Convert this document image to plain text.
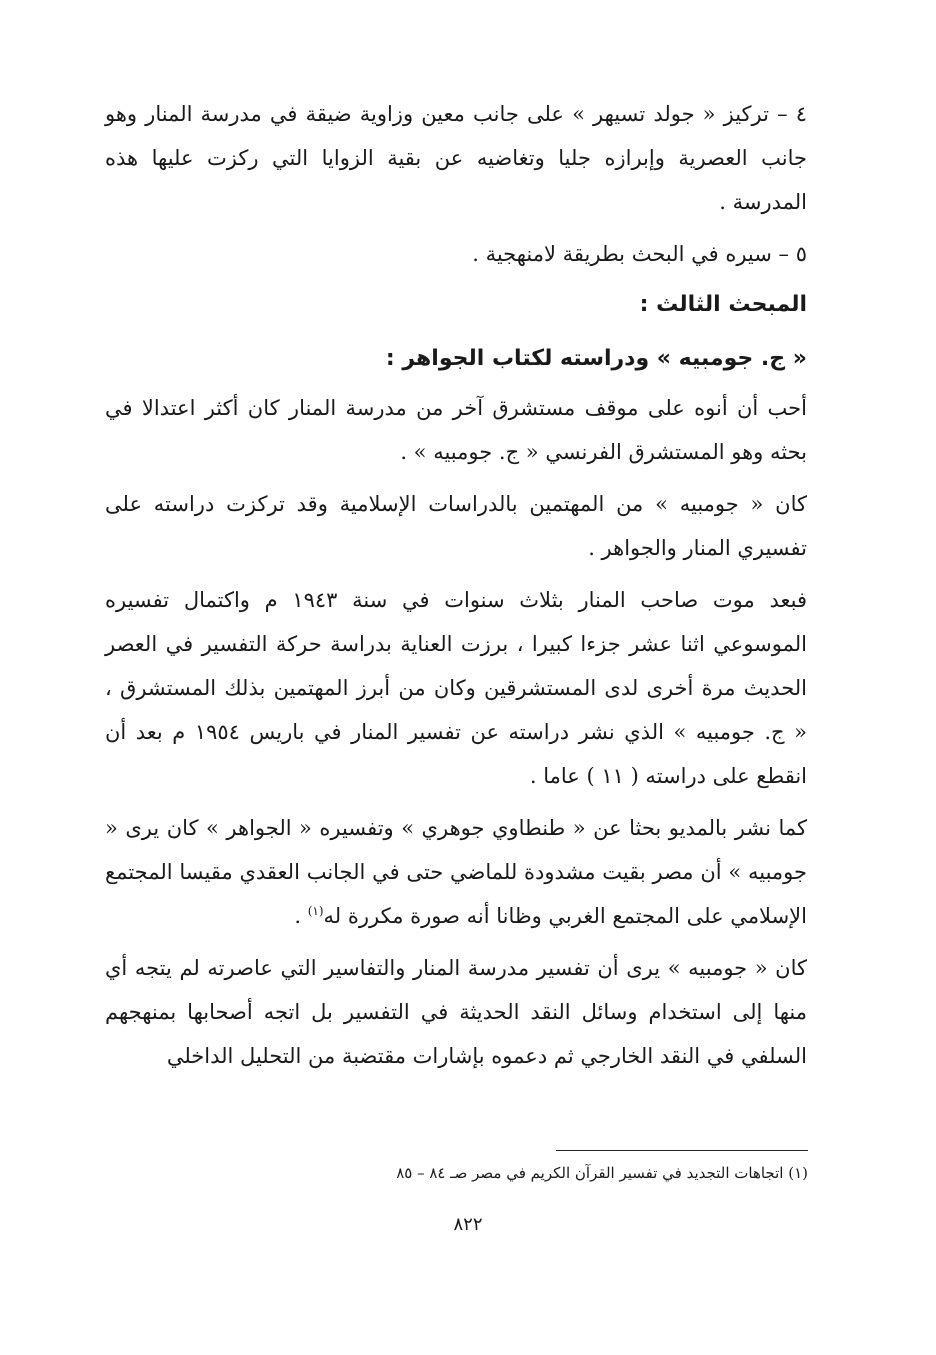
٤ – تركيز « جولد تسيهر » على جانب معين وزاوية ضيقة في مدرسة المنار وهو جانب العصرية وإبرازه جليا وتغاضيه عن بقية الزوايا التي ركزت عليها هذه المدرسة .

٥ – سيره في البحث بطريقة لامنهجية .

المبحث الثالث :
« ج. جومبيه » ودراسته لكتاب الجواهر :

أحب أن أنوه على موقف مستشرق آخر من مدرسة المنار كان أكثر اعتدالا في بحثه وهو المستشرق الفرنسي « ج. جومبيه » .

كان « جومبيه » من المهتمين بالدراسات الإسلامية وقد تركزت دراسته على تفسيري المنار والجواهر .

فبعد موت صاحب المنار بثلاث سنوات في سنة ١٩٤٣ م واكتمال تفسيره الموسوعي اثنا عشر جزءا كبيرا ، برزت العناية بدراسة حركة التفسير في العصر الحديث مرة أخرى لدى المستشرقين وكان من أبرز المهتمين بذلك المستشرق ، « ج. جومبيه » الذي نشر دراسته عن تفسير المنار في باريس ١٩٥٤ م بعد أن انقطع على دراسته ( ١١ ) عاما .

كما نشر بالمديو بحثا عن « طنطاوي جوهري » وتفسيره « الجواهر » كان يرى « جومبيه » أن مصر بقيت مشدودة للماضي حتى في الجانب العقدي مقيسا المجتمع الإسلامي على المجتمع الغربي وظانا أنه صورة مكررة له$^{(١)}$ .

كان « جومبيه » يرى أن تفسير مدرسة المنار والتفاسير التي عاصرته لم يتجه أي منها إلى استخدام وسائل النقد الحديثة في التفسير بل اتجه أصحابها بمنهجهم السلفي في النقد الخارجي ثم دعموه بإشارات مقتضبة من التحليل الداخلي

(١) اتجاهات التجديد في تفسير القرآن الكريم في مصر صـ ٨٤ – ٨٥
٨٢٢
